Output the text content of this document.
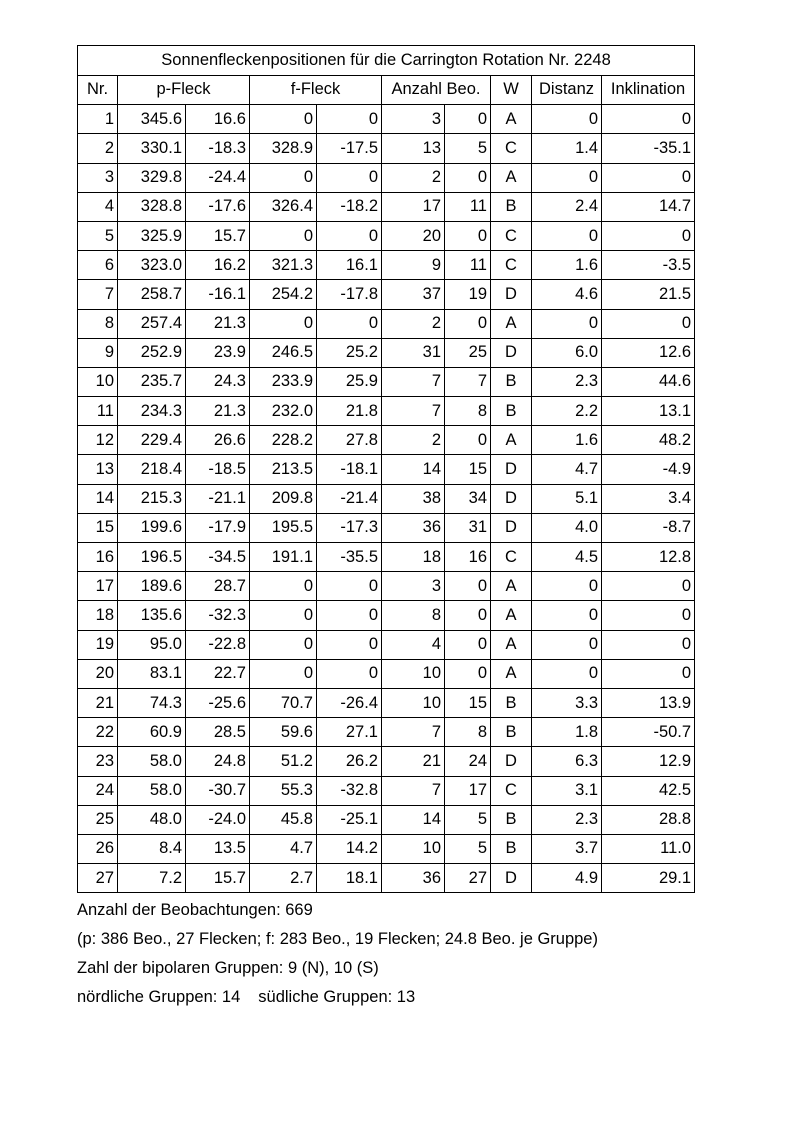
Sonnenfleckenpositionen für die Carrington Rotation Nr. 2248									
Nr.	p-Fleck		f-Fleck		Anzahl Beo.		W	Distanz	Inklination
1	345.6	16.6	0	0	3	0	A	0	0
2	330.1	-18.3	328.9	-17.5	13	5	C	1.4	-35.1
3	329.8	-24.4	0	0	2	0	A	0	0
4	328.8	-17.6	326.4	-18.2	17	11	B	2.4	14.7
5	325.9	15.7	0	0	20	0	C	0	0
6	323.0	16.2	321.3	16.1	9	11	C	1.6	-3.5
7	258.7	-16.1	254.2	-17.8	37	19	D	4.6	21.5
8	257.4	21.3	0	0	2	0	A	0	0
9	252.9	23.9	246.5	25.2	31	25	D	6.0	12.6
10	235.7	24.3	233.9	25.9	7	7	B	2.3	44.6
11	234.3	21.3	232.0	21.8	7	8	B	2.2	13.1
12	229.4	26.6	228.2	27.8	2	0	A	1.6	48.2
13	218.4	-18.5	213.5	-18.1	14	15	D	4.7	-4.9
14	215.3	-21.1	209.8	-21.4	38	34	D	5.1	3.4
15	199.6	-17.9	195.5	-17.3	36	31	D	4.0	-8.7
16	196.5	-34.5	191.1	-35.5	18	16	C	4.5	12.8
17	189.6	28.7	0	0	3	0	A	0	0
18	135.6	-32.3	0	0	8	0	A	0	0
19	95.0	-22.8	0	0	4	0	A	0	0
20	83.1	22.7	0	0	10	0	A	0	0
21	74.3	-25.6	70.7	-26.4	10	15	B	3.3	13.9
22	60.9	28.5	59.6	27.1	7	8	B	1.8	-50.7
23	58.0	24.8	51.2	26.2	21	24	D	6.3	12.9
24	58.0	-30.7	55.3	-32.8	7	17	C	3.1	42.5
25	48.0	-24.0	45.8	-25.1	14	5	B	2.3	28.8
26	8.4	13.5	4.7	14.2	10	5	B	3.7	11.0
27	7.2	15.7	2.7	18.1	36	27	D	4.9	29.1
Anzahl der Beobachtungen: 669
(p: 386 Beo., 27 Flecken; f: 283 Beo., 19 Flecken; 24.8 Beo. je Gruppe)
Zahl der bipolaren Gruppen: 9 (N), 10 (S)
nördliche Gruppen: 14 südliche Gruppen: 13
